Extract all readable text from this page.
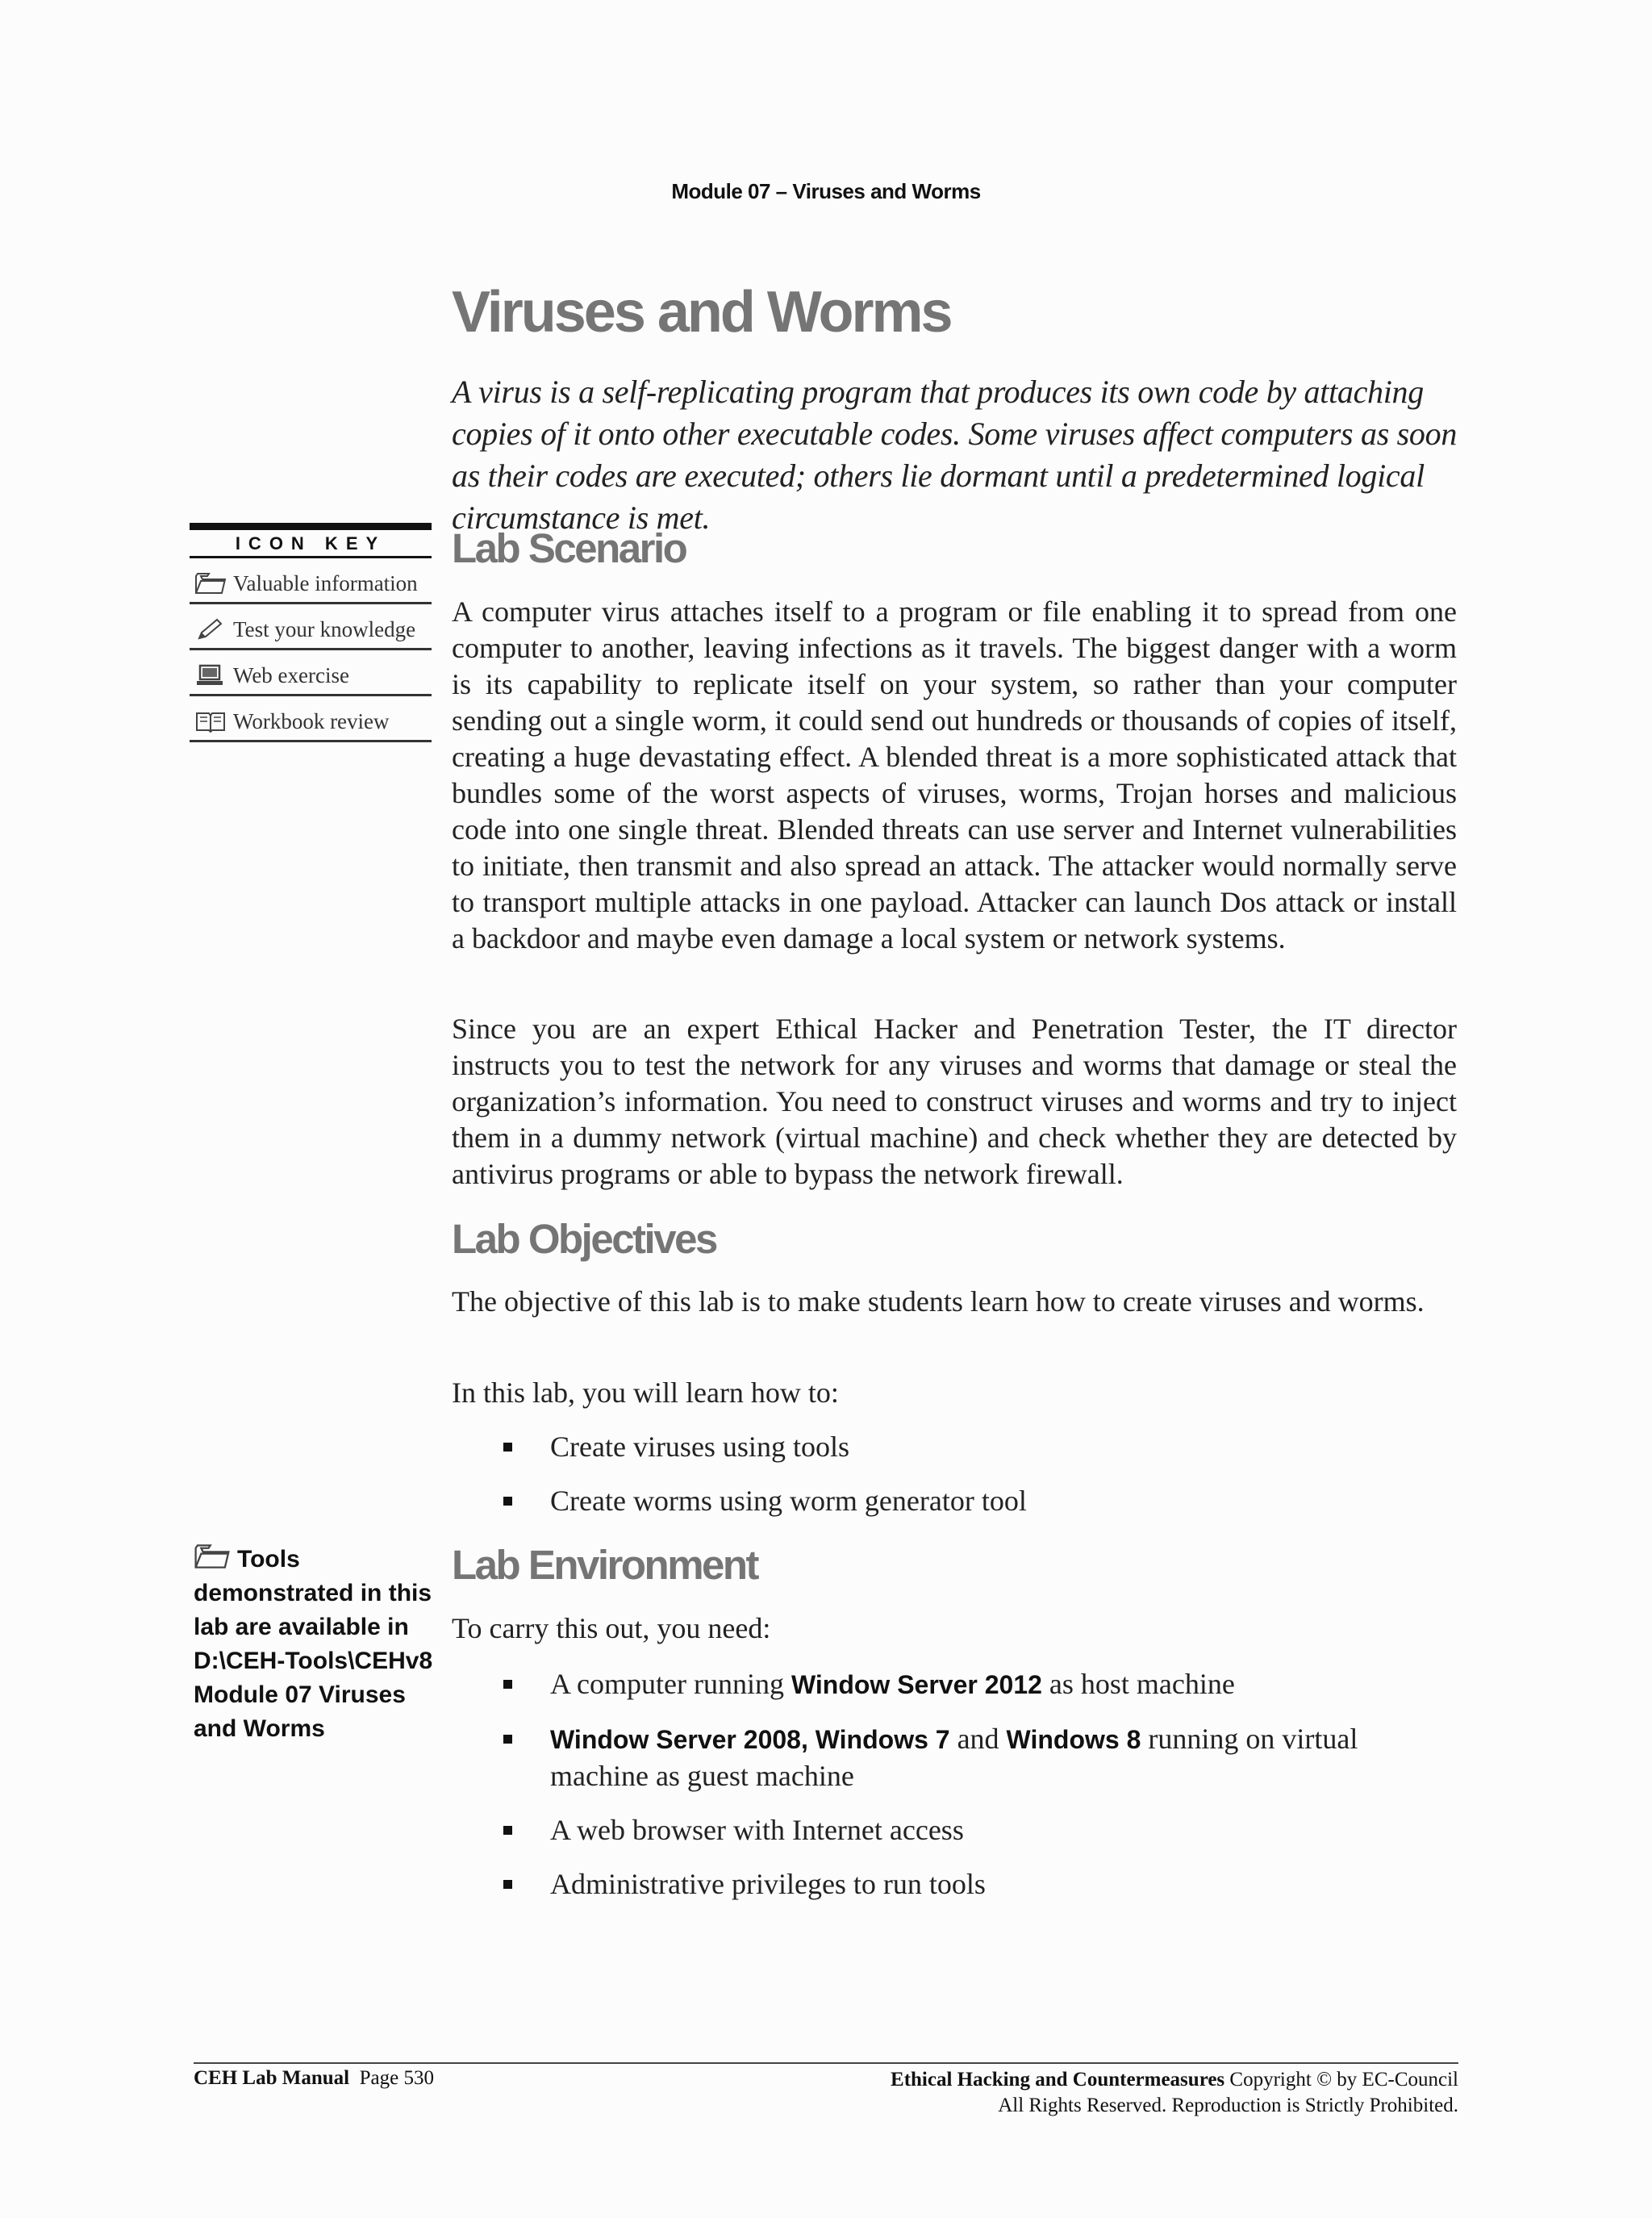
Module 07 – Viruses and Worms
Viruses and Worms

A virus is a self-replicating program that produces its own code by attaching copies of it onto other executable codes. Some viruses affect computers as soon as their codes are executed; others lie dormant until a predetermined logical circumstance is met.

ICON KEY
Valuable information
Test your knowledge
Web exercise
Workbook review
Lab Scenario

A computer virus attaches itself to a program or file enabling it to spread from one computer to another, leaving infections as it travels. The biggest danger with a worm is its capability to replicate itself on your system, so rather than your computer sending out a single worm, it could send out hundreds or thousands of copies of itself, creating a huge devastating effect. A blended threat is a more sophisticated attack that bundles some of the worst aspects of viruses, worms, Trojan horses and malicious code into one single threat. Blended threats can use server and Internet vulnerabilities to initiate, then transmit and also spread an attack. The attacker would normally serve to transport multiple attacks in one payload. Attacker can launch Dos attack or install a backdoor and maybe even damage a local system or network systems.

Since you are an expert Ethical Hacker and Penetration Tester, the IT director instructs you to test the network for any viruses and worms that damage or steal the organization’s information. You need to construct viruses and worms and try to inject them in a dummy network (virtual machine) and check whether they are detected by antivirus programs or able to bypass the network firewall.

Lab Objectives

The objective of this lab is to make students learn how to create viruses and worms.

In this lab, you will learn how to:

Create viruses using tools
Create worms using worm generator tool
Tools demonstrated in this lab are available in D:\CEH-Tools\CEHv8 Module 07 Viruses and Worms
Lab Environment

To carry this out, you need:

A computer running Window Server 2012 as host machine
Window Server 2008, Windows 7 and Windows 8 running on virtual machine as guest machine
A web browser with Internet access
Administrative privileges to run tools
CEH Lab Manual Page 530	Ethical Hacking and Countermeasures Copyright © by EC-Council
All Rights Reserved. Reproduction is Strictly Prohibited.
